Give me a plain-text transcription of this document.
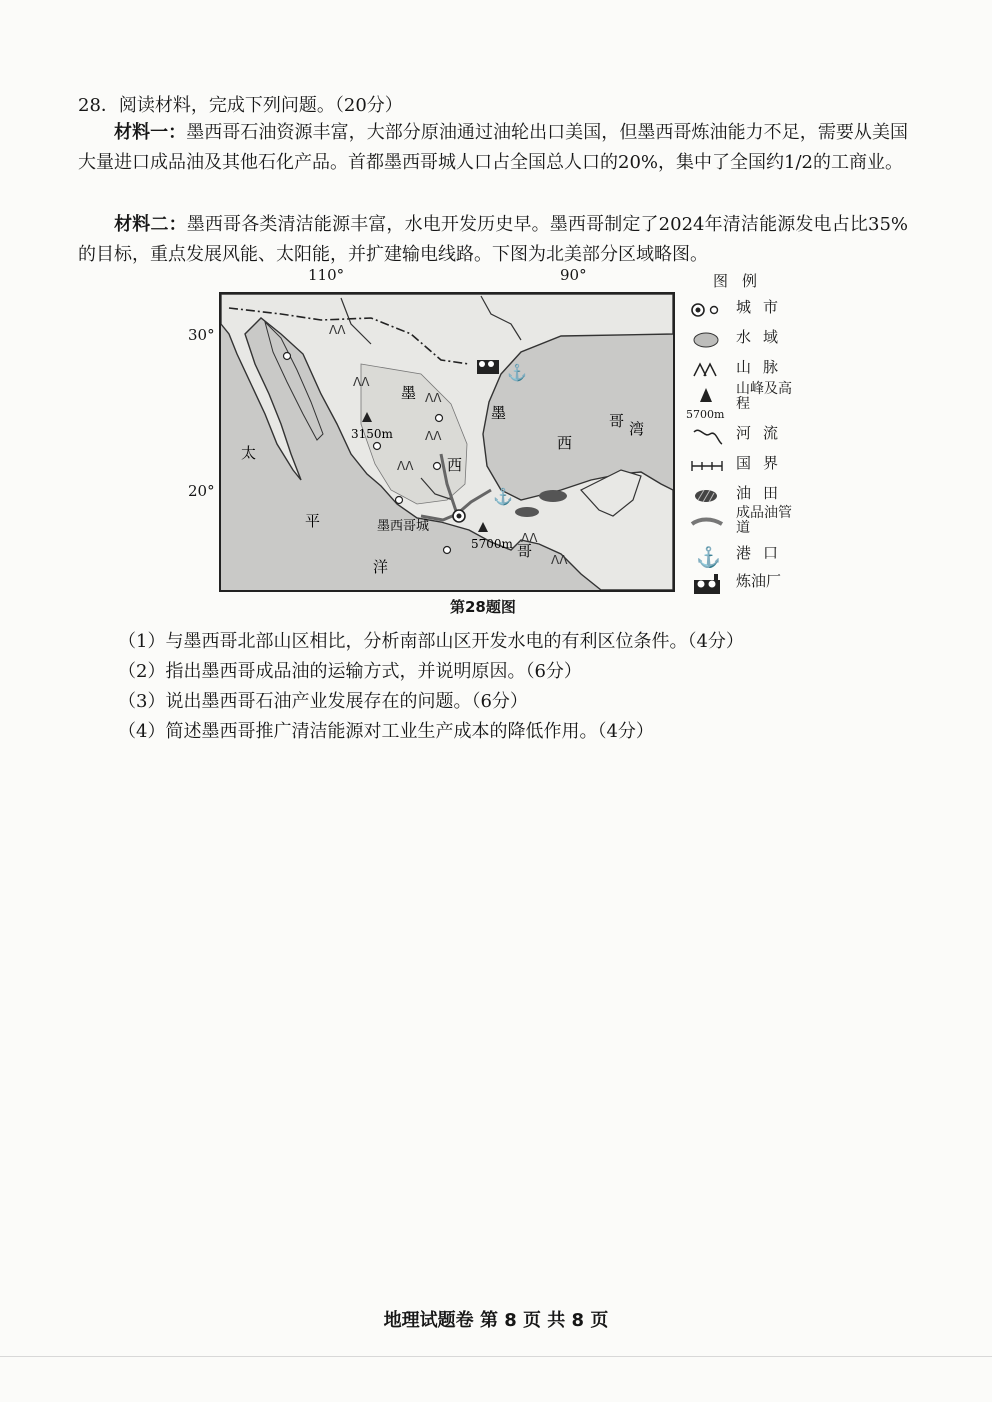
28．阅读材料，完成下列问题。（20分）
材料一：墨西哥石油资源丰富，大部分原油通过油轮出口美国，但墨西哥炼油能力不足，需要从美国大量进口成品油及其他石化产品。首都墨西哥城人口占全国总人口的20%，集中了全国约1/2的工商业。
材料二：墨西哥各类清洁能源丰富，水电开发历史早。墨西哥制定了2024年清洁能源发电占比35%的目标，重点发展风能、太阳能，并扩建输电线路。下图为北美部分区域略图。
110°	90°
30°
20°
ᐱᐱ
ᐱᐱ
ᐱᐱ
ᐱᐱ
ᐱᐱ
ᐱᐱ
ᐱᐱ
⚓
⚓
太
平
洋
墨
西
哥
墨
西
哥 湾
墨西哥城
3150m
5700m
第28题图
图例
城市
水域
山脉
5700m
山峰及高程
河流
国界
油田
成品油管道
⚓ 港口
炼油厂
（1）与墨西哥北部山区相比，分析南部山区开发水电的有利区位条件。（4分）
（2）指出墨西哥成品油的运输方式，并说明原因。（6分）
（3）说出墨西哥石油产业发展存在的问题。（6分）
（4）简述墨西哥推广清洁能源对工业生产成本的降低作用。（4分）
地理试题卷 第 8 页 共 8 页
